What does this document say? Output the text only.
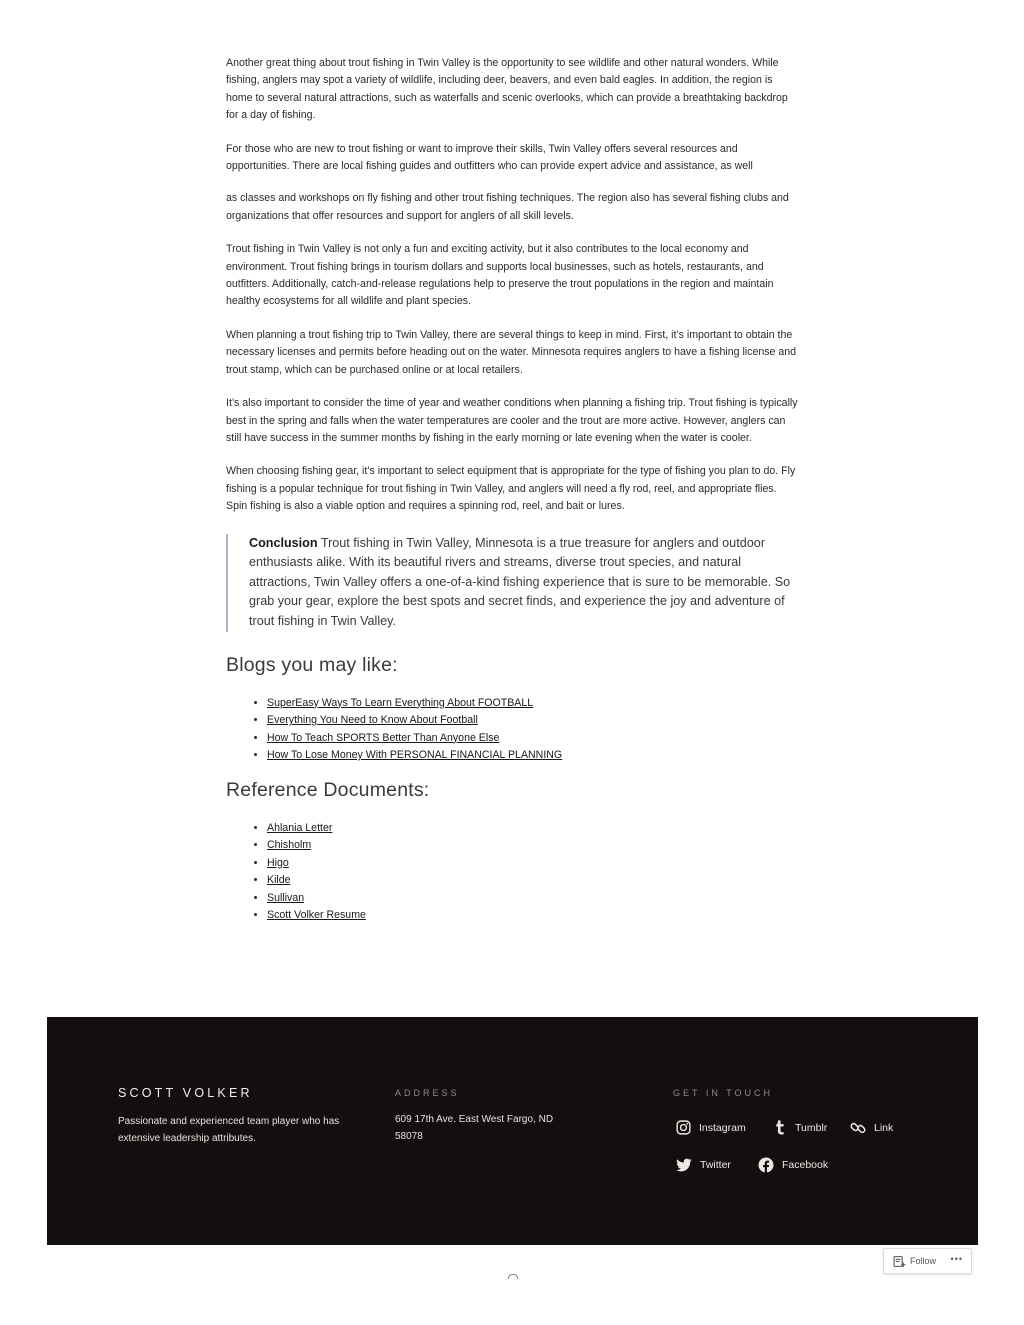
Another great thing about trout fishing in Twin Valley is the opportunity to see wildlife and other natural wonders. While fishing, anglers may spot a variety of wildlife, including deer, beavers, and even bald eagles. In addition, the region is home to several natural attractions, such as waterfalls and scenic overlooks, which can provide a breathtaking backdrop for a day of fishing.

For those who are new to trout fishing or want to improve their skills, Twin Valley offers several resources and opportunities. There are local fishing guides and outfitters who can provide expert advice and assistance, as well

as classes and workshops on fly fishing and other trout fishing techniques. The region also has several fishing clubs and organizations that offer resources and support for anglers of all skill levels.

Trout fishing in Twin Valley is not only a fun and exciting activity, but it also contributes to the local economy and environment. Trout fishing brings in tourism dollars and supports local businesses, such as hotels, restaurants, and outfitters. Additionally, catch-and-release regulations help to preserve the trout populations in the region and maintain healthy ecosystems for all wildlife and plant species.

When planning a trout fishing trip to Twin Valley, there are several things to keep in mind. First, it’s important to obtain the necessary licenses and permits before heading out on the water. Minnesota requires anglers to have a fishing license and trout stamp, which can be purchased online or at local retailers.

It’s also important to consider the time of year and weather conditions when planning a fishing trip. Trout fishing is typically best in the spring and falls when the water temperatures are cooler and the trout are more active. However, anglers can still have success in the summer months by fishing in the early morning or late evening when the water is cooler.

When choosing fishing gear, it’s important to select equipment that is appropriate for the type of fishing you plan to do. Fly fishing is a popular technique for trout fishing in Twin Valley, and anglers will need a fly rod, reel, and appropriate flies. Spin fishing is also a viable option and requires a spinning rod, reel, and bait or lures.

Conclusion Trout fishing in Twin Valley, Minnesota is a true treasure for anglers and outdoor enthusiasts alike. With its beautiful rivers and streams, diverse trout species, and natural attractions, Twin Valley offers a one-of-a-kind fishing experience that is sure to be memorable. So grab your gear, explore the best spots and secret finds, and experience the joy and adventure of trout fishing in Twin Valley.
Blogs you may like:
• SuperEasy Ways To Learn Everything About FOOTBALL
• Everything You Need to Know About Football
• How To Teach SPORTS Better Than Anyone Else
• How To Lose Money With PERSONAL FINANCIAL PLANNING
Reference Documents:
• Ahlania Letter
• Chisholm
• Higo
• Kilde
• Sullivan
• Scott Volker Resume
SCOTT VOLKER
Passionate and experienced team player who has extensive leadership attributes.
ADDRESS
609 17th Ave. East West Fargo, ND 58078
GET IN TOUCH
Instagram	Tumblr	Link
Twitter	Facebook
Follow •••
